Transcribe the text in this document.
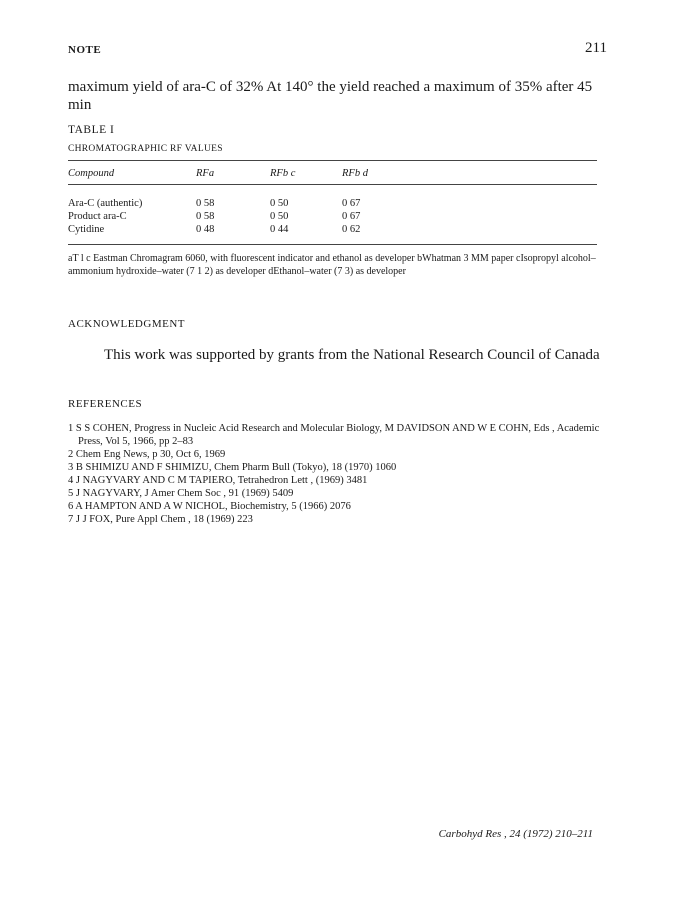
NOTE	211
maximum yield of ara-C of 32% At 140° the yield reached a maximum of 35% after 45 min
TABLE I
CHROMATOGRAPHIC RF VALUES
Compound	RFa	RFb c	RFb d
Ara-C (authentic)	0 58	0 50	0 67
Product ara-C	0 58	0 50	0 67
Cytidine	0 48	0 44	0 62
aT l c Eastman Chromagram 6060, with fluorescent indicator and ethanol as developer bWhatman 3 MM paper cIsopropyl alcohol–ammonium hydroxide–water (7 1 2) as developer dEthanol–water (7 3) as developer
ACKNOWLEDGMENT
This work was supported by grants from the National Research Council of Canada
REFERENCES
1 S S COHEN, Progress in Nucleic Acid Research and Molecular Biology, M DAVIDSON AND W E COHN, Eds , Academic Press, Vol 5, 1966, pp 2–83
2 Chem Eng News, p 30, Oct 6, 1969
3 B SHIMIZU AND F SHIMIZU, Chem Pharm Bull (Tokyo), 18 (1970) 1060
4 J NAGYVARY AND C M TAPIERO, Tetrahedron Lett , (1969) 3481
5 J NAGYVARY, J Amer Chem Soc , 91 (1969) 5409
6 A HAMPTON AND A W NICHOL, Biochemistry, 5 (1966) 2076
7 J J FOX, Pure Appl Chem , 18 (1969) 223
Carbohyd Res , 24 (1972) 210–211
